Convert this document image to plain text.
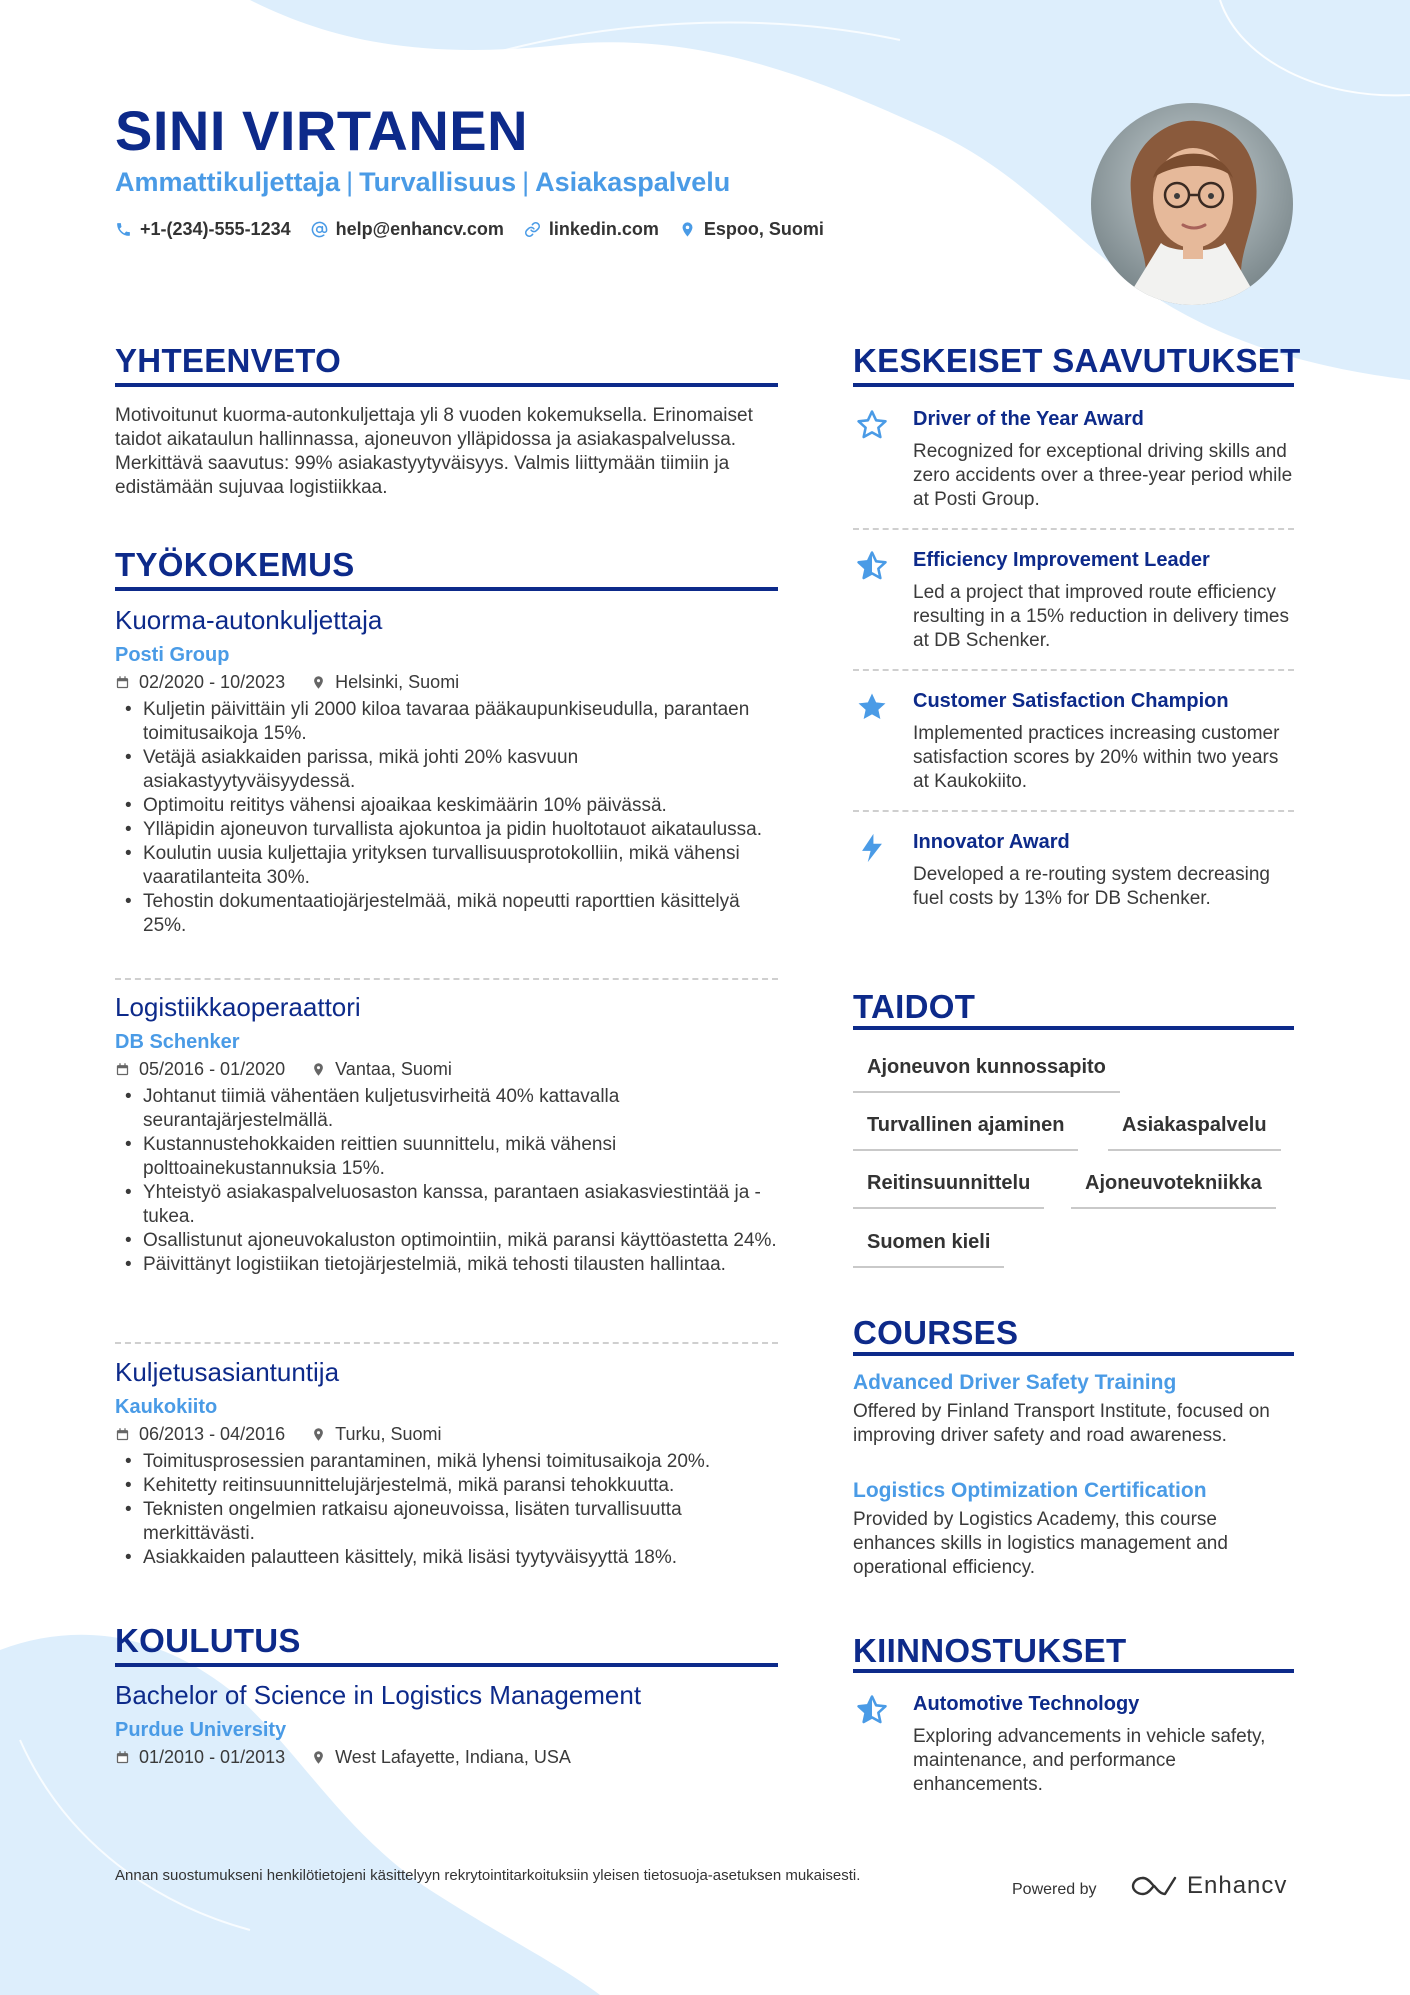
SINI VIRTANEN
Ammattikuljettaja | Turvallisuus | Asiakaspalvelu
+1-(234)-555-1234	help@enhancv.com	linkedin.com	Espoo, Suomi
YHTEENVETO
Motivoitunut kuorma-autonkuljettaja yli 8 vuoden kokemuksella. Erinomaiset taidot aikataulun hallinnassa, ajoneuvon ylläpidossa ja asiakaspalvelussa. Merkittävä saavutus: 99% asiakastyytyväisyys. Valmis liittymään tiimiin ja edistämään sujuvaa logistiikkaa.
TYÖKOKEMUS
Kuorma-autonkuljettaja
Posti Group
02/2020 - 10/2023	Helsinki, Suomi
• Kuljetin päivittäin yli 2000 kiloa tavaraa pääkaupunkiseudulla, parantaen toimitusaikoja 15%.
• Vetäjä asiakkaiden parissa, mikä johti 20% kasvuun asiakastyytyväisyydessä.
• Optimoitu reititys vähensi ajoaikaa keskimäärin 10% päivässä.
• Ylläpidin ajoneuvon turvallista ajokuntoa ja pidin huoltotauot aikataulussa.
• Koulutin uusia kuljettajia yrityksen turvallisuusprotokolliin, mikä vähensi vaaratilanteita 30%.
• Tehostin dokumentaatiojärjestelmää, mikä nopeutti raporttien käsittelyä 25%.
Logistiikkaoperaattori
DB Schenker
05/2016 - 01/2020	Vantaa, Suomi
• Johtanut tiimiä vähentäen kuljetusvirheitä 40% kattavalla seurantajärjestelmällä.
• Kustannustehokkaiden reittien suunnittelu, mikä vähensi polttoainekustannuksia 15%.
• Yhteistyö asiakaspalveluosaston kanssa, parantaen asiakasviestintää ja -tukea.
• Osallistunut ajoneuvokaluston optimointiin, mikä paransi käyttöastetta 24%.
• Päivittänyt logistiikan tietojärjestelmiä, mikä tehosti tilausten hallintaa.
Kuljetusasiantuntija
Kaukokiito
06/2013 - 04/2016	Turku, Suomi
• Toimitusprosessien parantaminen, mikä lyhensi toimitusaikoja 20%.
• Kehitetty reitinsuunnittelujärjestelmä, mikä paransi tehokkuutta.
• Teknisten ongelmien ratkaisu ajoneuvoissa, lisäten turvallisuutta merkittävästi.
• Asiakkaiden palautteen käsittely, mikä lisäsi tyytyväisyyttä 18%.
KOULUTUS
Bachelor of Science in Logistics Management
Purdue University
01/2010 - 01/2013	West Lafayette, Indiana, USA
KESKEISET SAAVUTUKSET
Driver of the Year Award
Recognized for exceptional driving skills and zero accidents over a three-year period while at Posti Group.
Efficiency Improvement Leader
Led a project that improved route efficiency resulting in a 15% reduction in delivery times at DB Schenker.
Customer Satisfaction Champion
Implemented practices increasing customer satisfaction scores by 20% within two years at Kaukokiito.
Innovator Award
Developed a re-routing system decreasing fuel costs by 13% for DB Schenker.
TAIDOT
Ajoneuvon kunnossapito
Turvallinen ajaminen	Asiakaspalvelu
Reitinsuunnittelu	Ajoneuvotekniikka
Suomen kieli
COURSES
Advanced Driver Safety Training
Offered by Finland Transport Institute, focused on improving driver safety and road awareness.
Logistics Optimization Certification
Provided by Logistics Academy, this course enhances skills in logistics management and operational efficiency.
KIINNOSTUKSET
Automotive Technology
Exploring advancements in vehicle safety, maintenance, and performance enhancements.
Annan suostumukseni henkilötietojeni käsittelyyn rekrytointitarkoituksiin yleisen tietosuoja-asetuksen mukaisesti.
Powered by	Enhancv
